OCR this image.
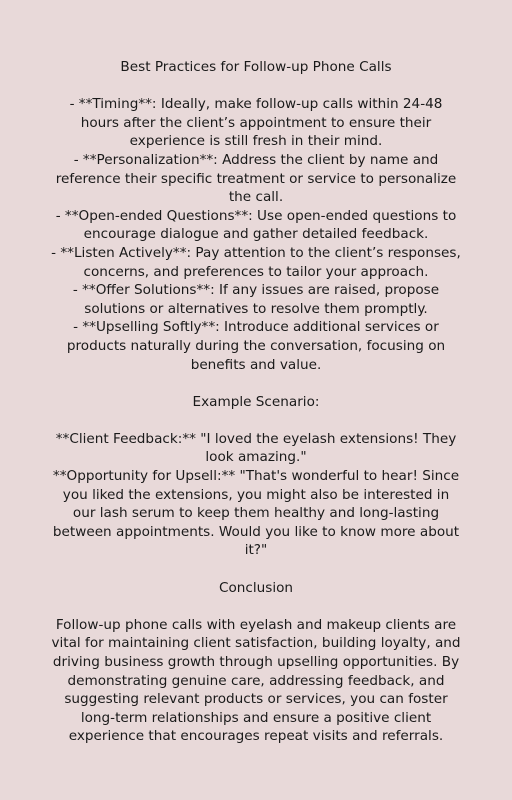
Best Practices for Follow-up Phone Calls

- **Timing**: Ideally, make follow-up calls within 24-48 hours after the client’s appointment to ensure their experience is still fresh in their mind.
- **Personalization**: Address the client by name and reference their specific treatment or service to personalize the call.
- **Open-ended Questions**: Use open-ended questions to encourage dialogue and gather detailed feedback.
- **Listen Actively**: Pay attention to the client’s responses, concerns, and preferences to tailor your approach.
- **Offer Solutions**: If any issues are raised, propose solutions or alternatives to resolve them promptly.
- **Upselling Softly**: Introduce additional services or products naturally during the conversation, focusing on benefits and value.

Example Scenario:

**Client Feedback:** "I loved the eyelash extensions! They look amazing."

**Opportunity for Upsell:** "That's wonderful to hear! Since you liked the extensions, you might also be interested in our lash serum to keep them healthy and long-lasting between appointments. Would you like to know more about it?"

Conclusion

Follow-up phone calls with eyelash and makeup clients are vital for maintaining client satisfaction, building loyalty, and driving business growth through upselling opportunities. By demonstrating genuine care, addressing feedback, and suggesting relevant products or services, you can foster long-term relationships and ensure a positive client experience that encourages repeat visits and referrals.
